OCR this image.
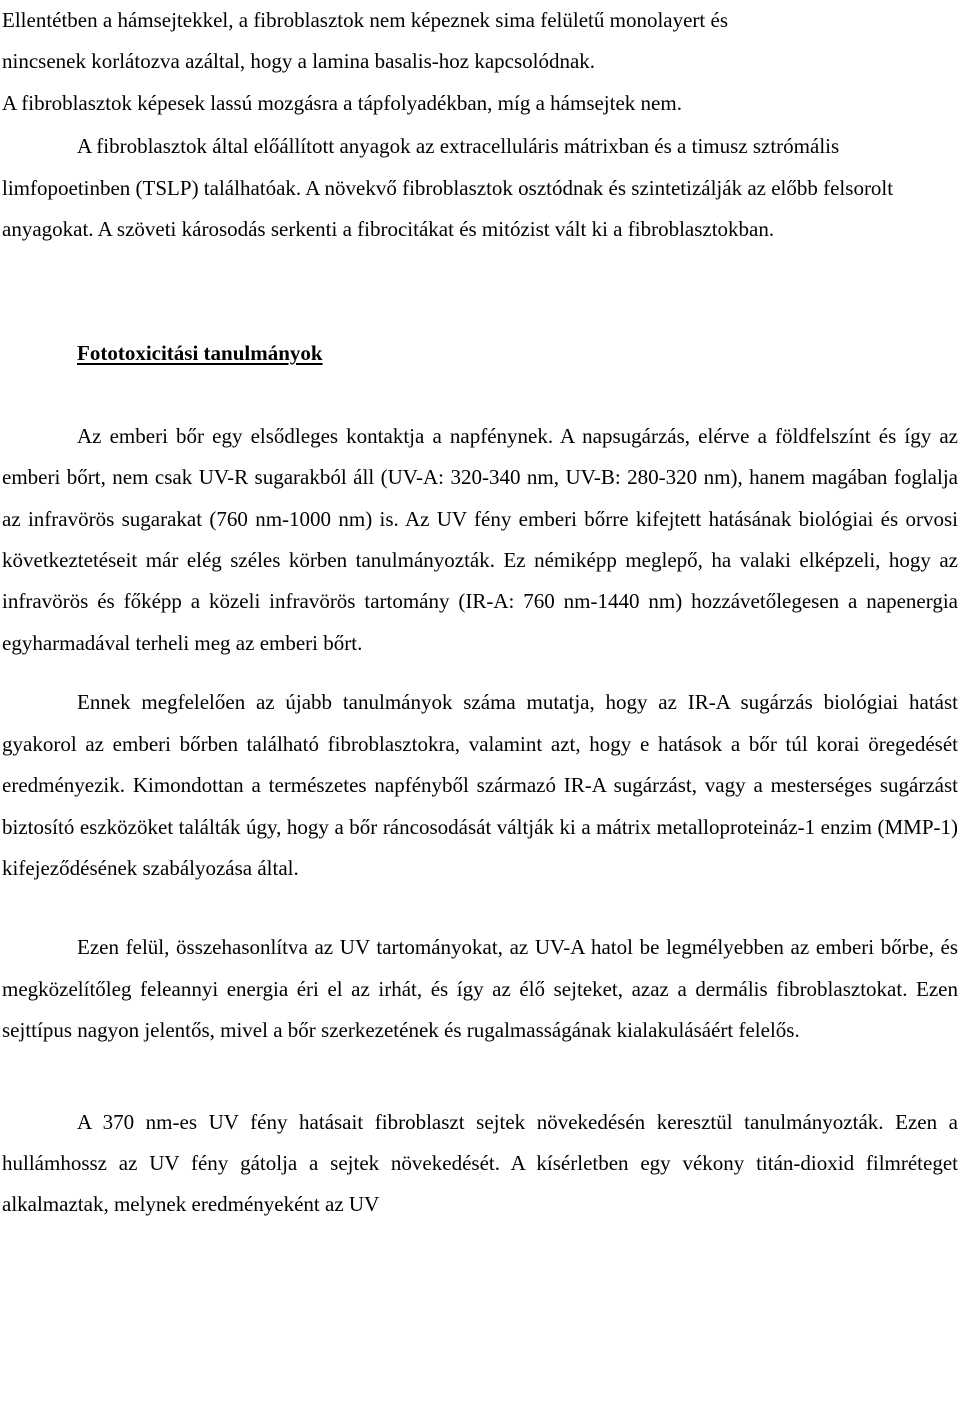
Ellentétben a hámsejtekkel, a fibroblasztok nem képeznek sima felületű monolayert és
nincsenek korlátozva azáltal, hogy a lamina basalis-hoz kapcsolódnak.
A fibroblasztok képesek lassú mozgásra a tápfolyadékban, míg a hámsejtek nem.

A fibroblasztok által előállított anyagok az extracelluláris mátrixban és a timusz sztrómális limfopoetinben (TSLP) találhatóak. A növekvő fibroblasztok osztódnak és szintetizálják az előbb felsorolt anyagokat. A szöveti károsodás serkenti a fibrocitákat és mitózist vált ki a fibroblasztokban.

Fototoxicitási tanulmányok

Az emberi bőr egy elsődleges kontaktja a napfénynek. A napsugárzás, elérve a földfelszínt és így az emberi bőrt, nem csak UV-R sugarakból áll (UV-A: 320-340 nm, UV-B: 280-320 nm), hanem magában foglalja az infravörös sugarakat (760 nm-1000 nm) is. Az UV fény emberi bőrre kifejtett hatásának biológiai és orvosi következtetéseit már elég széles körben tanulmányozták. Ez némiképp meglepő, ha valaki elképzeli, hogy az infravörös és főképp a közeli infravörös tartomány (IR-A: 760 nm-1440 nm) hozzávetőlegesen a napenergia egyharmadával terheli meg az emberi bőrt.

Ennek megfelelően az újabb tanulmányok száma mutatja, hogy az IR-A sugárzás biológiai hatást gyakorol az emberi bőrben található fibroblasztokra, valamint azt, hogy e hatások a bőr túl korai öregedését eredményezik. Kimondottan a természetes napfényből származó IR-A sugárzást, vagy a mesterséges sugárzást biztosító eszközöket találták úgy, hogy a bőr ráncosodását váltják ki a mátrix metalloproteináz-1 enzim (MMP-1) kifejeződésének szabályozása által.

Ezen felül, összehasonlítva az UV tartományokat, az UV-A hatol be legmélyebben az emberi bőrbe, és megközelítőleg feleannyi energia éri el az irhát, és így az élő sejteket, azaz a dermális fibroblasztokat. Ezen sejttípus nagyon jelentős, mivel a bőr szerkezetének és rugalmasságának kialakulásáért felelős.

A 370 nm-es UV fény hatásait fibroblaszt sejtek növekedésén keresztül tanulmányozták. Ezen a hullámhossz az UV fény gátolja a sejtek növekedését. A kísérletben egy vékony titán-dioxid filmréteget alkalmaztak, melynek eredményeként az UV
